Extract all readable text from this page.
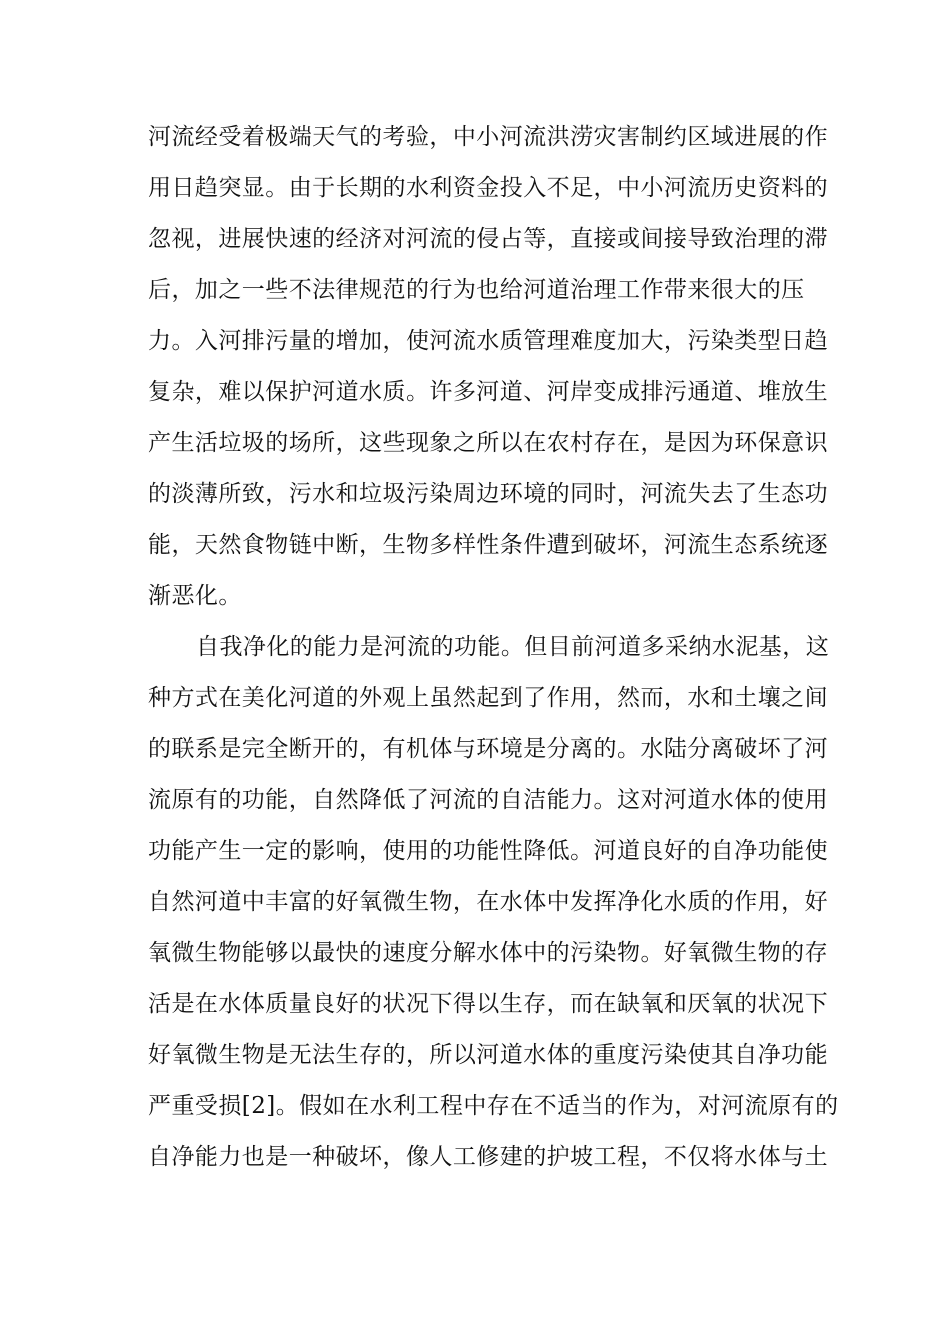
河流经受着极端天气的考验，中小河流洪涝灾害制约区域进展的作
用日趋突显。由于长期的水利资金投入不足，中小河流历史资料的
忽视，进展快速的经济对河流的侵占等，直接或间接导致治理的滞
后，加之一些不法律规范的行为也给河道治理工作带来很大的压
力。入河排污量的增加，使河流水质管理难度加大，污染类型日趋
复杂，难以保护河道水质。许多河道、河岸变成排污通道、堆放生
产生活垃圾的场所，这些现象之所以在农村存在，是因为环保意识
的淡薄所致，污水和垃圾污染周边环境的同时，河流失去了生态功
能，天然食物链中断，生物多样性条件遭到破坏，河流生态系统逐
渐恶化。
自我净化的能力是河流的功能。但目前河道多采纳水泥基，这
种方式在美化河道的外观上虽然起到了作用，然而，水和土壤之间
的联系是完全断开的，有机体与环境是分离的。水陆分离破坏了河
流原有的功能，自然降低了河流的自洁能力。这对河道水体的使用
功能产生一定的影响，使用的功能性降低。河道良好的自净功能使
自然河道中丰富的好氧微生物，在水体中发挥净化水质的作用，好
氧微生物能够以最快的速度分解水体中的污染物。好氧微生物的存
活是在水体质量良好的状况下得以生存，而在缺氧和厌氧的状况下
好氧微生物是无法生存的，所以河道水体的重度污染使其自净功能
严重受损[2]。假如在水利工程中存在不适当的作为，对河流原有的
自净能力也是一种破坏，像人工修建的护坡工程，不仅将水体与土
